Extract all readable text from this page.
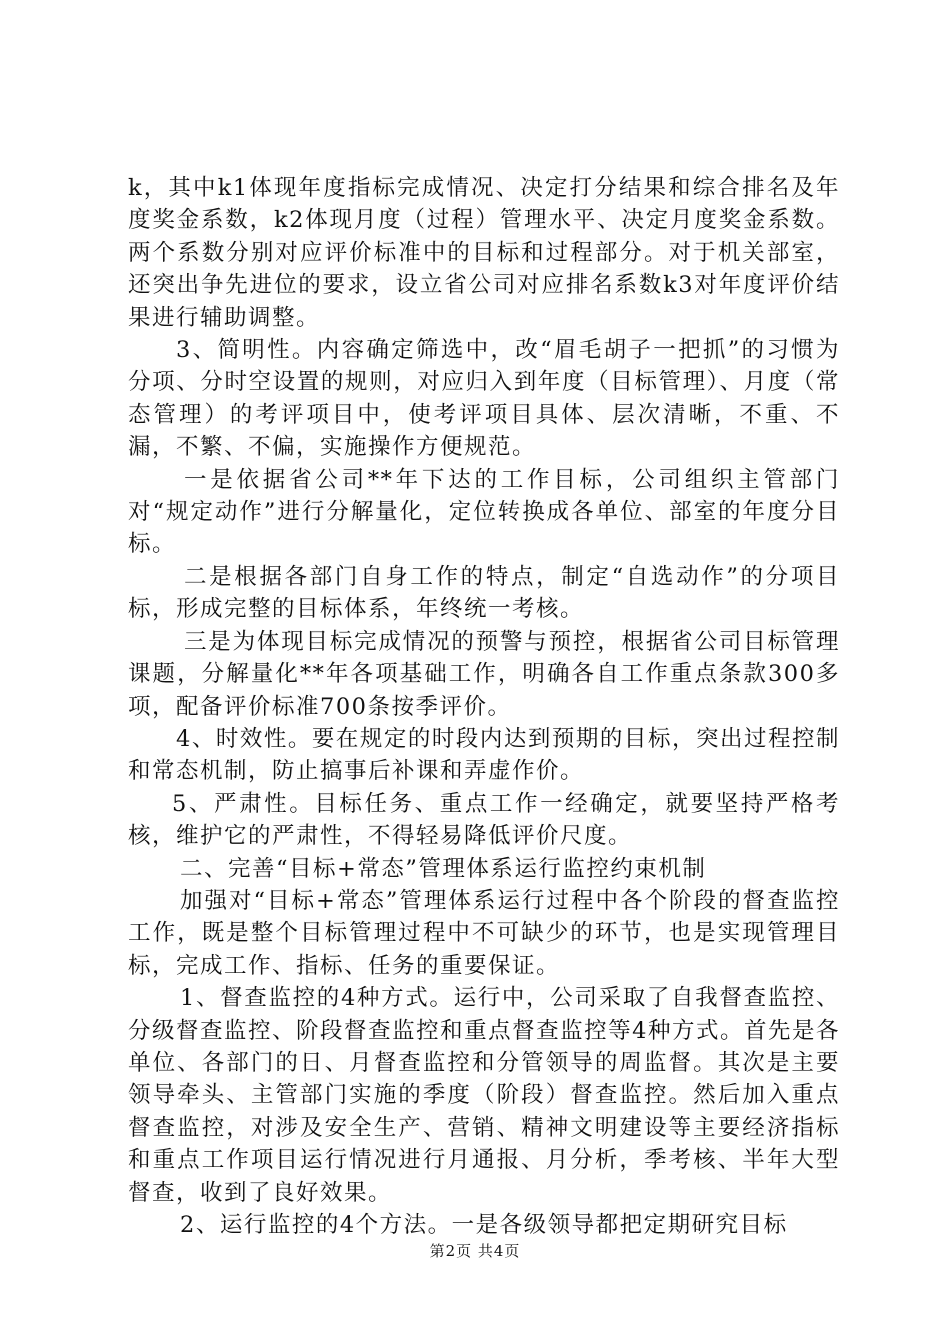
k，其中k1体现年度指标完成情况、决定打分结果和综合排名及年度奖金系数，k2体现月度（过程）管理水平、决定月度奖金系数。两个系数分别对应评价标准中的目标和过程部分。对于机关部室，还突出争先进位的要求，设立省公司对应排名系数k3对年度评价结果进行辅助调整。

3、简明性。内容确定筛选中，改“眉毛胡子一把抓”的习惯为分项、分时空设置的规则，对应归入到年度（目标管理）、月度（常态管理）的考评项目中，使考评项目具体、层次清晰，不重、不漏，不繁、不偏，实施操作方便规范。

一是依据省公司**年下达的工作目标，公司组织主管部门对“规定动作”进行分解量化，定位转换成各单位、部室的年度分目标。

二是根据各部门自身工作的特点，制定“自选动作”的分项目标，形成完整的目标体系，年终统一考核。

三是为体现目标完成情况的预警与预控，根据省公司目标管理课题，分解量化**年各项基础工作，明确各自工作重点条款300多项，配备评价标准700条按季评价。

4、时效性。要在规定的时段内达到预期的目标，突出过程控制和常态机制，防止搞事后补课和弄虚作价。

5、严肃性。目标任务、重点工作一经确定，就要坚持严格考核，维护它的严肃性，不得轻易降低评价尺度。

二、完善“目标+常态”管理体系运行监控约束机制

加强对“目标+常态”管理体系运行过程中各个阶段的督查监控工作，既是整个目标管理过程中不可缺少的环节，也是实现管理目标，完成工作、指标、任务的重要保证。

1、督查监控的4种方式。运行中，公司采取了自我督查监控、分级督查监控、阶段督查监控和重点督查监控等4种方式。首先是各单位、各部门的日、月督查监控和分管领导的周监督。其次是主要领导牵头、主管部门实施的季度（阶段）督查监控。然后加入重点督查监控，对涉及安全生产、营销、精神文明建设等主要经济指标和重点工作项目运行情况进行月通报、月分析，季考核、半年大型督查，收到了良好效果。

2、运行监控的4个方法。一是各级领导都把定期研究目标

第2页 共4页
